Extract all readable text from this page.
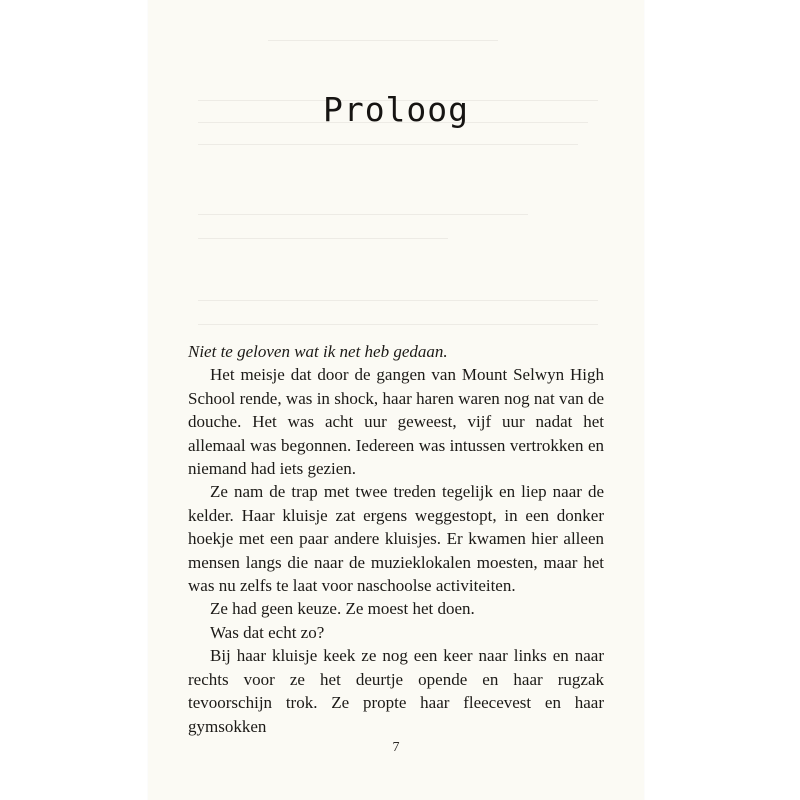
Proloog

Niet te geloven wat ik net heb gedaan.

Het meisje dat door de gangen van Mount Selwyn High School rende, was in shock, haar haren waren nog nat van de douche. Het was acht uur geweest, vijf uur nadat het allemaal was begonnen. Iedereen was intussen vertrokken en niemand had iets gezien.

Ze nam de trap met twee treden tegelijk en liep naar de kelder. Haar kluisje zat ergens weggestopt, in een donker hoekje met een paar andere kluisjes. Er kwamen hier alleen mensen langs die naar de muzieklokalen moesten, maar het was nu zelfs te laat voor naschoolse activiteiten.

Ze had geen keuze. Ze moest het doen.

Was dat echt zo?

Bij haar kluisje keek ze nog een keer naar links en naar rechts voor ze het deurtje opende en haar rugzak tevoorschijn trok. Ze propte haar fleecevest en haar gymsokken

7
